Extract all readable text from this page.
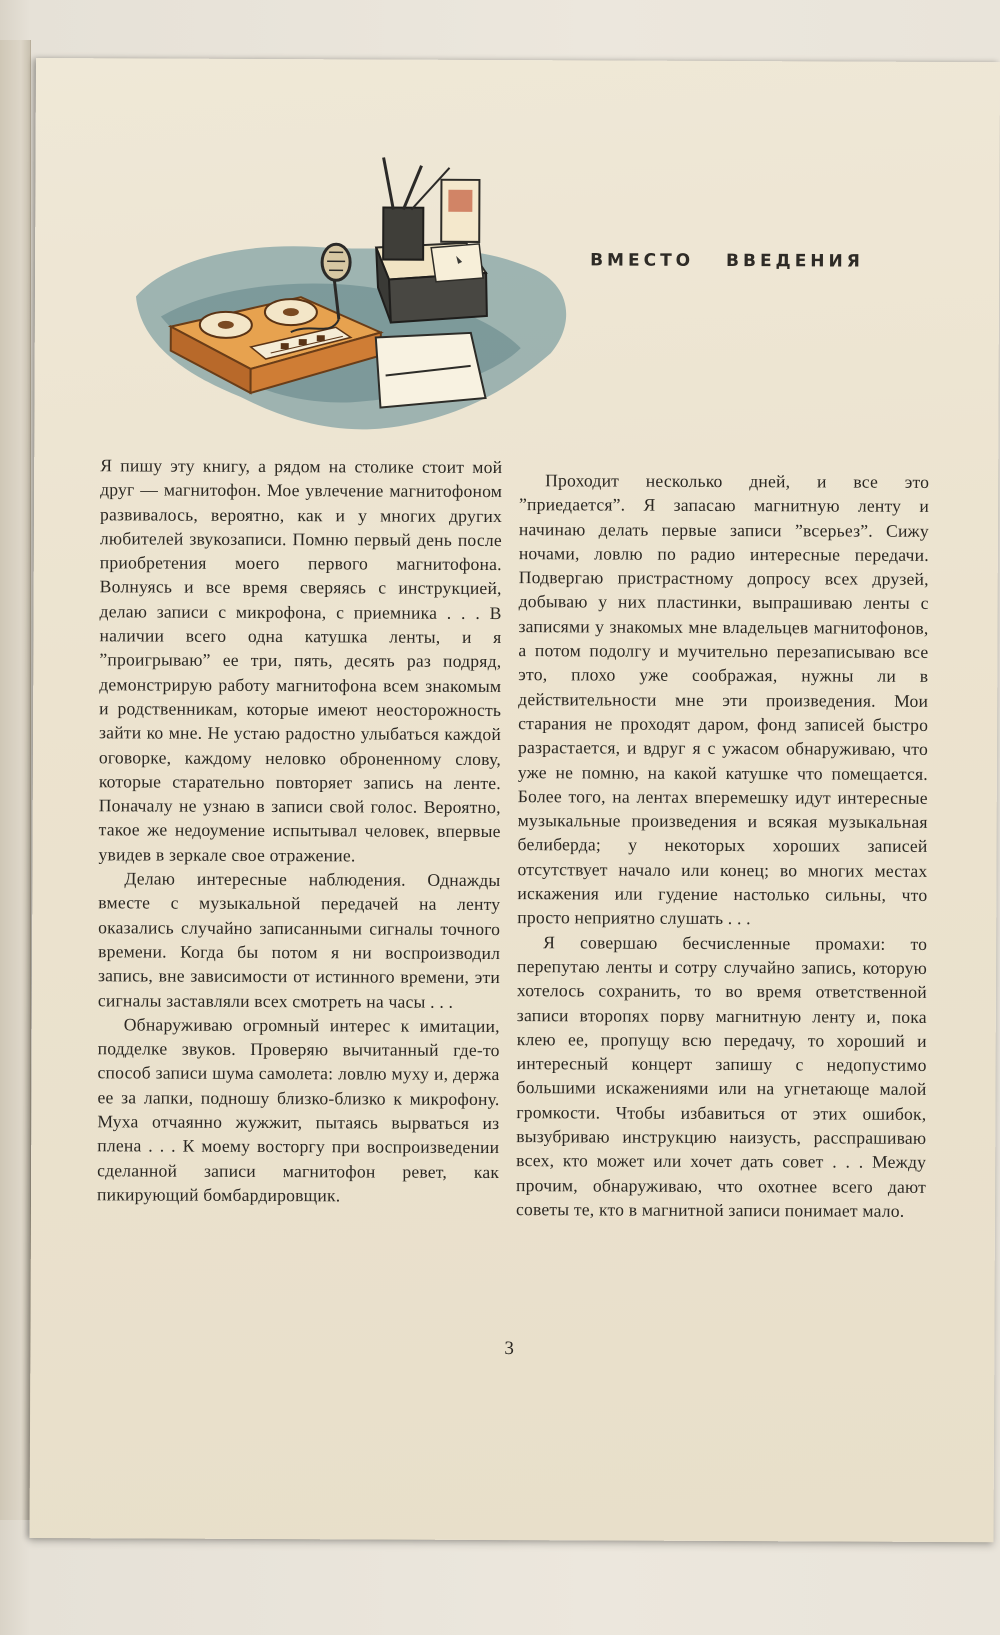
ВМЕСТО ВВЕДЕНИЯ

Я пишу эту книгу, а рядом на столике стоит мой друг — магнитофон. Мое увлечение магнитофоном развивалось, вероятно, как и у многих других любителей звукозаписи. Помню первый день после приобретения моего первого магнитофона. Волнуясь и все время сверяясь с инструкцией, делаю записи с микрофона, с приемника . . . В наличии всего одна катушка ленты, и я ”проигрываю” ее три, пять, десять раз подряд, демонстрирую работу магнитофона всем знакомым и родственникам, которые имеют неосторожность зайти ко мне. Не устаю радостно улыбаться каждой оговорке, каждому неловко оброненному слову, которые старательно повторяет запись на ленте. Поначалу не узнаю в записи свой голос. Вероятно, такое же недоумение испытывал человек, впервые увидев в зеркале свое отражение.

Делаю интересные наблюдения. Однажды вместе с музыкальной передачей на ленту оказались случайно записанными сигналы точного времени. Когда бы потом я ни воспроизводил запись, вне зависимости от истинного времени, эти сигналы заставляли всех смотреть на часы . . .

Обнаруживаю огромный интерес к имитации, подделке звуков. Проверяю вычитанный где-то способ записи шума самолета: ловлю муху и, держа ее за лапки, подношу близко-близко к микрофону. Муха отчаянно жужжит, пытаясь вырваться из плена . . . К моему восторгу при воспроизведении сделанной записи магнитофон ревет, как пикирующий бомбардировщик.

Проходит несколько дней, и все это ”приедается”. Я запасаю магнитную ленту и начинаю делать первые записи ”всерьез”. Сижу ночами, ловлю по радио интересные передачи. Подвергаю пристрастному допросу всех друзей, добываю у них пластинки, выпрашиваю ленты с записями у знакомых мне владельцев магнитофонов, а потом подолгу и мучительно перезаписываю все это, плохо уже соображая, нужны ли в действительности мне эти произведения. Мои старания не проходят даром, фонд записей быстро разрастается, и вдруг я с ужасом обнаруживаю, что уже не помню, на какой катушке что помещается. Более того, на лентах вперемешку идут интересные музыкальные произведения и всякая музыкальная белиберда; у некоторых хороших записей отсутствует начало или конец; во многих местах искажения или гудение настолько сильны, что просто неприятно слушать . . .

Я совершаю бесчисленные промахи: то перепутаю ленты и сотру случайно запись, которую хотелось сохранить, то во время ответственной записи второпях порву магнитную ленту и, пока клею ее, пропущу всю передачу, то хороший и интересный концерт запишу с недопустимо большими искажениями или на угнетающе малой громкости. Чтобы избавиться от этих ошибок, вызубриваю инструкцию наизусть, расспрашиваю всех, кто может или хочет дать совет . . . Между прочим, обнаруживаю, что охотнее всего дают советы те, кто в магнитной записи понимает мало.

3
